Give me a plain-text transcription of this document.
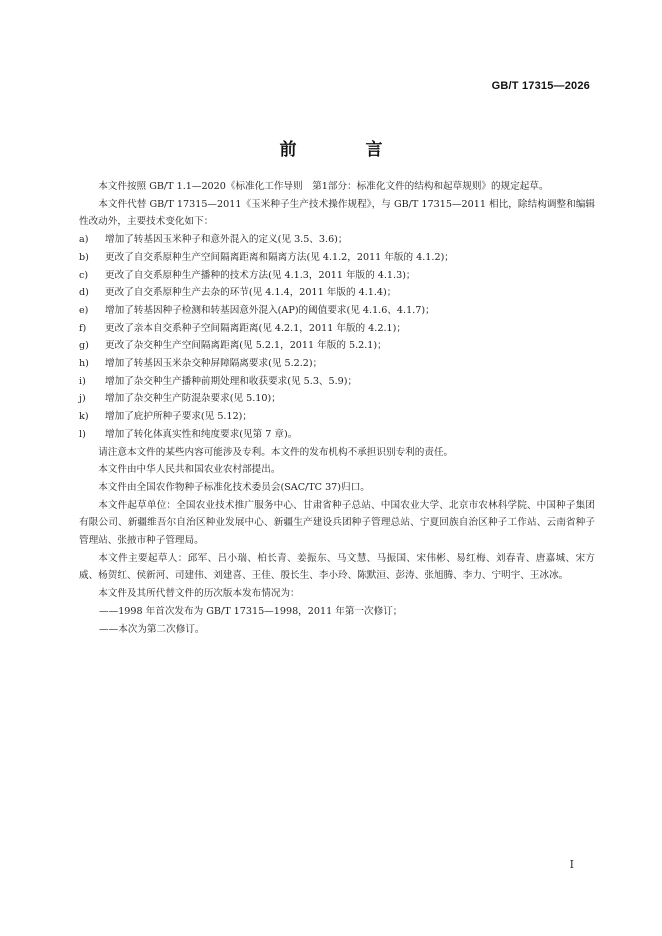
GB/T 17315—2026
前　言

本文件按照 GB/T 1.1—2020《标准化工作导则　第1部分：标准化文件的结构和起草规则》的规定起草。

本文件代替 GB/T 17315—2011《玉米种子生产技术操作规程》，与 GB/T 17315—2011 相比，除结构调整和编辑性改动外，主要技术变化如下：

a) 增加了转基因玉米种子和意外混入的定义(见 3.5、3.6)；

b) 更改了自交系原种生产空间隔离距离和隔离方法(见 4.1.2，2011 年版的 4.1.2)；

c) 更改了自交系原种生产播种的技术方法(见 4.1.3，2011 年版的 4.1.3)；

d) 更改了自交系原种生产去杂的环节(见 4.1.4，2011 年版的 4.1.4)；

e) 增加了转基因种子检测和转基因意外混入(AP)的阈值要求(见 4.1.6、4.1.7)；

f) 更改了亲本自交系种子空间隔离距离(见 4.2.1，2011 年版的 4.2.1)；

g) 更改了杂交种生产空间隔离距离(见 5.2.1，2011 年版的 5.2.1)；

h) 增加了转基因玉米杂交种屏障隔离要求(见 5.2.2)；

i) 增加了杂交种生产播种前期处理和收获要求(见 5.3、5.9)；

j) 增加了杂交种生产防混杂要求(见 5.10)；

k) 增加了庇护所种子要求(见 5.12)；

l) 增加了转化体真实性和纯度要求(见第 7 章)。

请注意本文件的某些内容可能涉及专利。本文件的发布机构不承担识别专利的责任。

本文件由中华人民共和国农业农村部提出。

本文件由全国农作物种子标准化技术委员会(SAC/TC 37)归口。

本文件起草单位：全国农业技术推广服务中心、甘肃省种子总站、中国农业大学、北京市农林科学院、中国种子集团有限公司、新疆维吾尔自治区种业发展中心、新疆生产建设兵团种子管理总站、宁夏回族自治区种子工作站、云南省种子管理站、张掖市种子管理局。

本文件主要起草人：邱军、吕小瑞、柏长青、姜振东、马文慧、马振国、宋伟彬、易红梅、刘春青、唐嘉城、宋方威、杨贺红、侯新河、司建伟、刘建喜、王佳、殷长生、李小玲、陈默洹、彭涛、张旭腾、李力、宁明宇、王冰冰。

本文件及其所代替文件的历次版本发布情况为：

——1998 年首次发布为 GB/T 17315—1998，2011 年第一次修订；

——本次为第二次修订。

I
